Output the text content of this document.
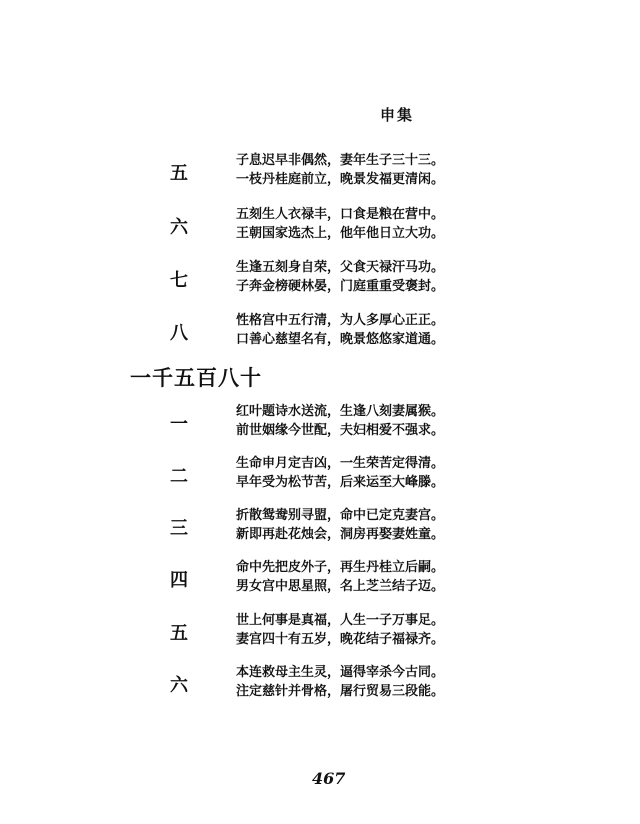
申集
五
子息迟早非偶然，妻年生子三十三。
一枝丹桂庭前立，晚景发福更清闲。
六
五刻生人衣禄丰，口食是粮在营中。
王朝国家选杰上，他年他日立大功。
七
生逢五刻身自荣，父食天禄汗马功。
子奔金榜硬林晏，门庭重重受褒封。
八
性格宫中五行清，为人多厚心正正。
口善心慈望名有，晚景悠悠家道通。
一千五百八十
一
红叶题诗水送流，生逢八刻妻属猴。
前世姻缘今世配，夫妇相爱不强求。
二
生命申月定吉凶，一生荣苦定得清。
早年受为松节苦，后来运至大峰滕。
三
折散鸳鸯别寻盟，命中已定克妻宫。
新即再赴花烛会，洞房再娶妻姓童。
四
命中先把皮外子，再生丹桂立后嗣。
男女宫中思星照，名上芝兰结子迈。
五
世上何事是真福，人生一子万事足。
妻宫四十有五岁，晚花结子福禄齐。
六
本连救母主生灵，逼得宰杀今古同。
注定慈针并骨格，屠行贸易三段能。
467
